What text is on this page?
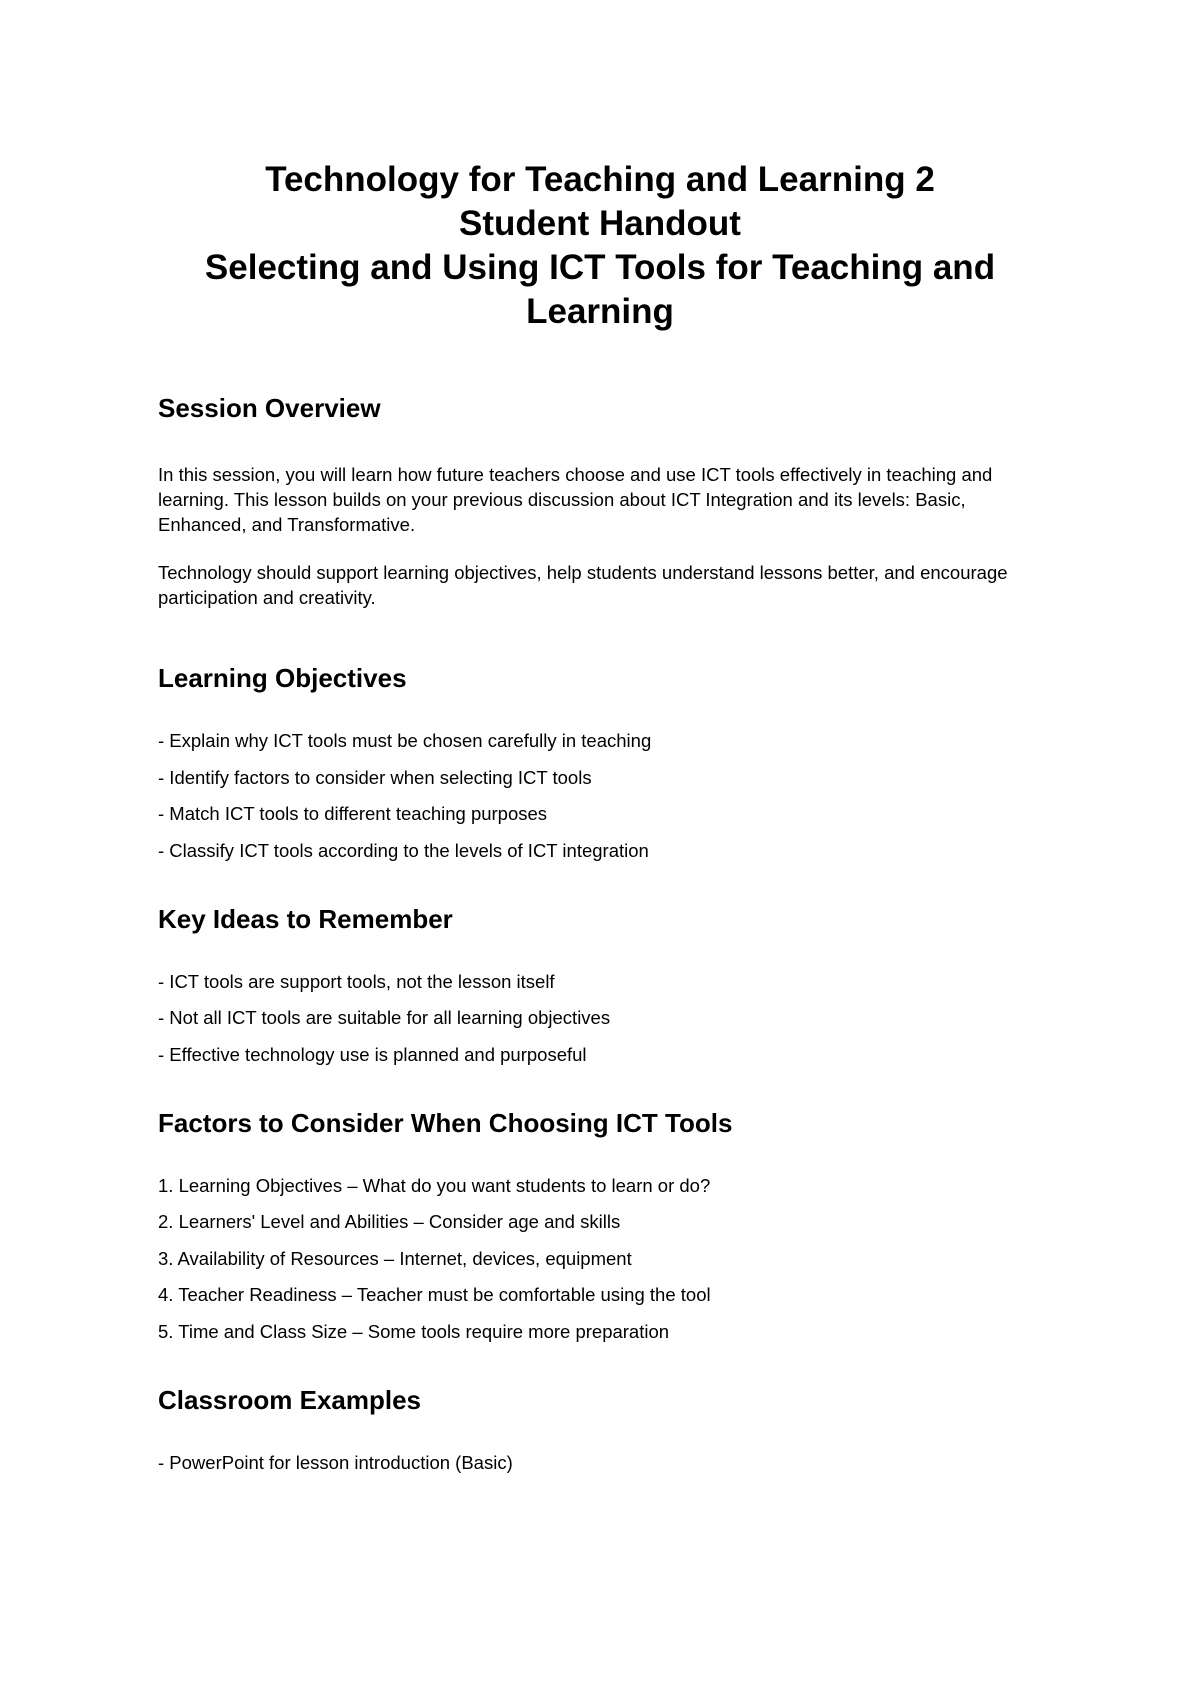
Technology for Teaching and Learning 2

Student Handout

Selecting and Using ICT Tools for Teaching and

Learning

Session Overview

In this session, you will learn how future teachers choose and use ICT tools effectively in teaching and learning. This lesson builds on your previous discussion about ICT Integration and its levels: Basic, Enhanced, and Transformative.

Technology should support learning objectives, help students understand lessons better, and encourage participation and creativity.

Learning Objectives
- Explain why ICT tools must be chosen carefully in teaching
- Identify factors to consider when selecting ICT tools
- Match ICT tools to different teaching purposes
- Classify ICT tools according to the levels of ICT integration
Key Ideas to Remember
- ICT tools are support tools, not the lesson itself
- Not all ICT tools are suitable for all learning objectives
- Effective technology use is planned and purposeful
Factors to Consider When Choosing ICT Tools
1. Learning Objectives – What do you want students to learn or do?
2. Learners' Level and Abilities – Consider age and skills
3. Availability of Resources – Internet, devices, equipment
4. Teacher Readiness – Teacher must be comfortable using the tool
5. Time and Class Size – Some tools require more preparation
Classroom Examples
- PowerPoint for lesson introduction (Basic)
